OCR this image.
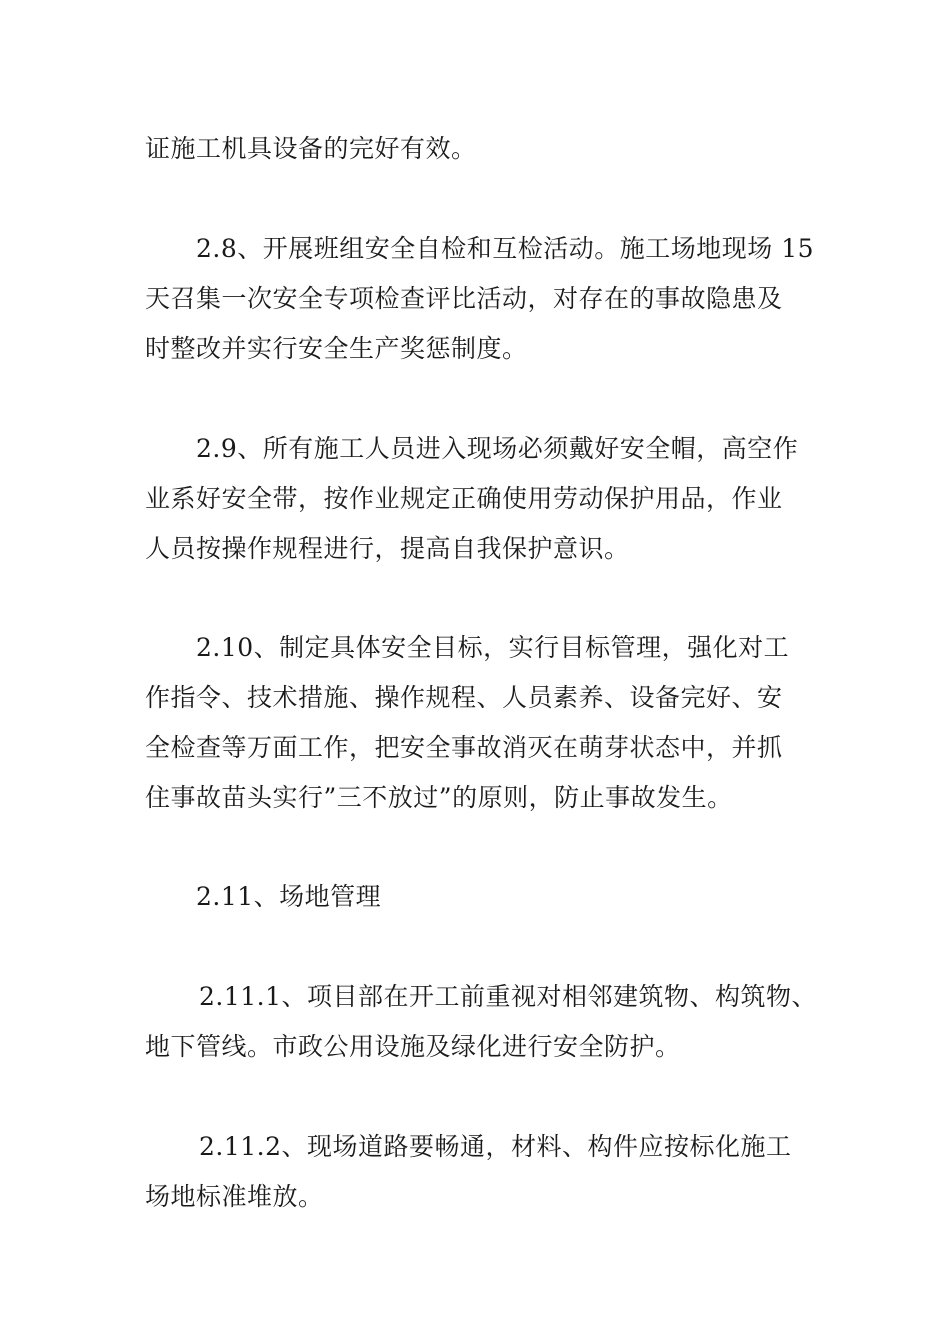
证施工机具设备的完好有效。
2.8、开展班组安全自检和互检活动。施工场地现场 15
天召集一次安全专项检查评比活动，对存在的事故隐患及
时整改并实行安全生产奖惩制度。
2.9、所有施工人员进入现场必须戴好安全帽，高空作
业系好安全带，按作业规定正确使用劳动保护用品，作业
人员按操作规程进行，提高自我保护意识。
2.10、制定具体安全目标，实行目标管理，强化对工
作指令、技术措施、操作规程、人员素养、设备完好、安
全检查等万面工作，把安全事故消灭在萌芽状态中，并抓
住事故苗头实行”三不放过”的原则，防止事故发生。
2.11、场地管理
2.11.1、项目部在开工前重视对相邻建筑物、构筑物、
地下管线。市政公用设施及绿化进行安全防护。
2.11.2、现场道路要畅通，材料、构件应按标化施工
场地标准堆放。
